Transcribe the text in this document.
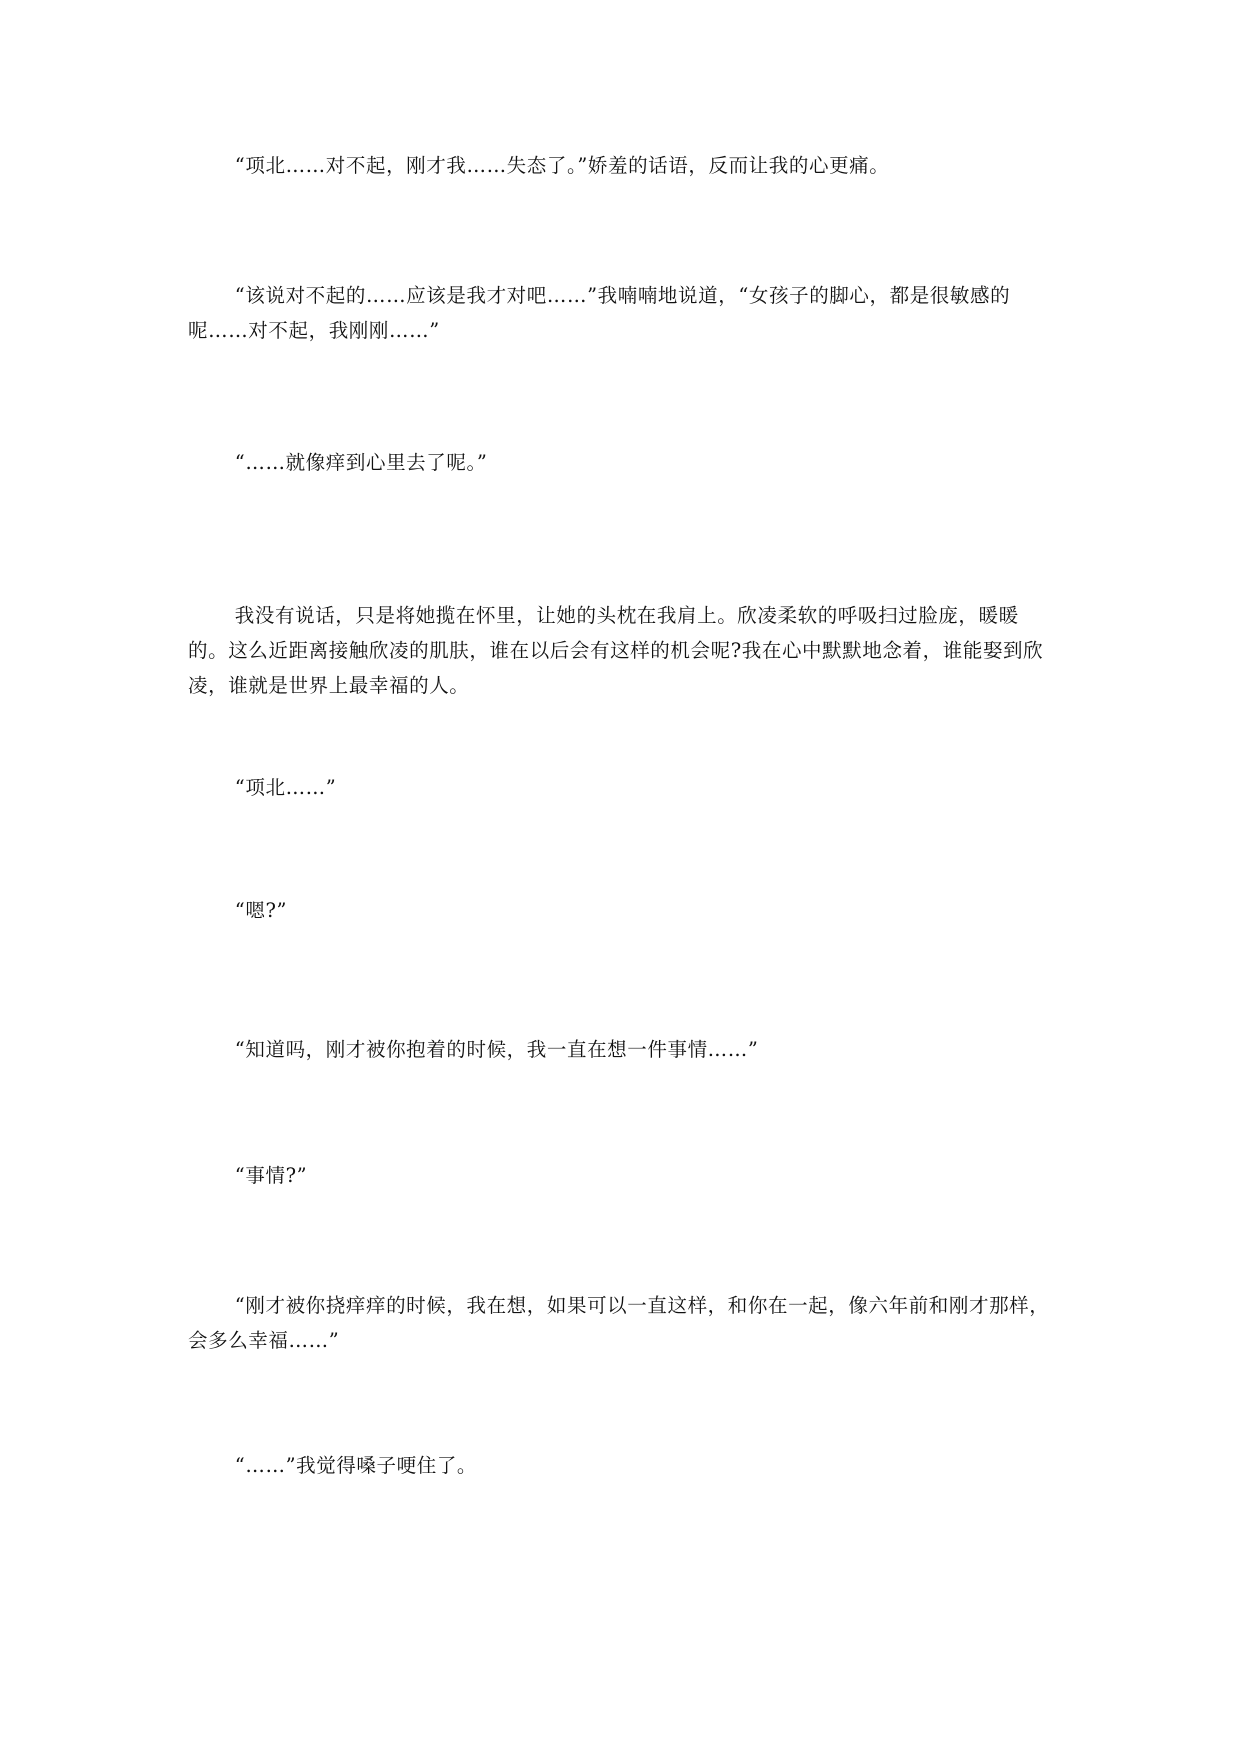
“项北……对不起，刚才我……失态了。”娇羞的话语，反而让我的心更痛。

“该说对不起的……应该是我才对吧……”我喃喃地说道，“女孩子的脚心，都是很敏感的呢……对不起，我刚刚……”

“……就像痒到心里去了呢。”

我没有说话，只是将她揽在怀里，让她的头枕在我肩上。欣凌柔软的呼吸扫过脸庞，暖暖的。这么近距离接触欣凌的肌肤，谁在以后会有这样的机会呢?我在心中默默地念着，谁能娶到欣凌，谁就是世界上最幸福的人。

“项北……”

“嗯?”

“知道吗，刚才被你抱着的时候，我一直在想一件事情……”

“事情?”

“刚才被你挠痒痒的时候，我在想，如果可以一直这样，和你在一起，像六年前和刚才那样，会多么幸福……”

“……”我觉得嗓子哽住了。
